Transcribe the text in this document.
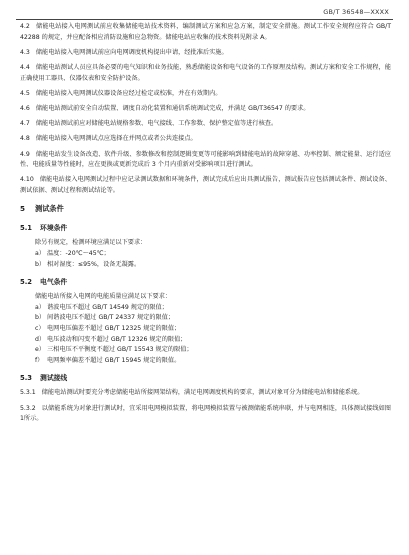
GB/T 36548—XXXX

4.2 储能电站接入电网测试前应收集储能电站技术资料，编制测试方案和应急方案，制定安全措施。测试工作安全规程应符合 GB/T 42288 的规定，并应配备相应消防设施和应急物资。储能电站应收集的技术资料见附录 A。

4.3 储能电站接入电网测试前应向电网调度机构提出申请，经批准后实施。

4.4 储能电站测试人员应具备必要的电气知识和业务技能，熟悉储能设备和电气设备的工作原理及结构。测试方案和安全工作规程，能正确使用工器具、仪器仪表和安全防护设备。

4.5 储能电站接入电网测试仪器设备应经过检定或校准，并在有效期内。

4.6 储能电站测试前安全自动装置、调度自动化装置和通信系统调试完成，并满足 GB/T36547 的要求。

4.7 储能电站测试前应对储能电站规格参数、电气接线、工作参数、保护整定值等进行核查。

4.8 储能电站接入电网测试点应选择在并网点或者公共连接点。

4.9 储能电站发生设备改造、软件升级、参数修改和控制逻辑变更等可能影响到储能电站的故障穿越、功率控制、额定能量、运行适应性、电能质量等性能时，应在更换或更新完成后 3 个月内重新对受影响项目进行测试。

4.10 储能电站接入电网测试过程中应记录测试数据和环境条件，测试完成后应出具测试报告，测试报告应包括测试条件、测试设备、测试依据、测试过程和测试结论等。

5 测试条件
5.1 环境条件

除另有规定，检测环境应满足以下要求：

a） 温度：-20℃～45℃；
b） 相对湿度：≤95%，设备无凝露。
5.2 电气条件

储能电站所接入电网的电能质量应满足以下要求：

a） 谐波电压不超过 GB/T 14549 规定的限值；
b） 间谐波电压不超过 GB/T 24337 规定的限值；
c） 电网电压偏差不超过 GB/T 12325 规定的限值；
d） 电压波动和闪变不超过 GB/T 12326 规定的限值；
e） 三相电压不平衡度不超过 GB/T 15543 规定的限值；
f） 电网频率偏差不超过 GB/T 15945 规定的限值。
5.3 测试接线

5.3.1 储能电站测试时要充分考虑储能电站所接网架结构，满足电网调度机构的要求，测试对象可分为储能电站和储能系统。

5.3.2 以储能系统为对象进行测试时，宜采用电网模拟装置，将电网模拟装置与被测储能系统串联，并与电网相连，具体测试接线如图1所示。
